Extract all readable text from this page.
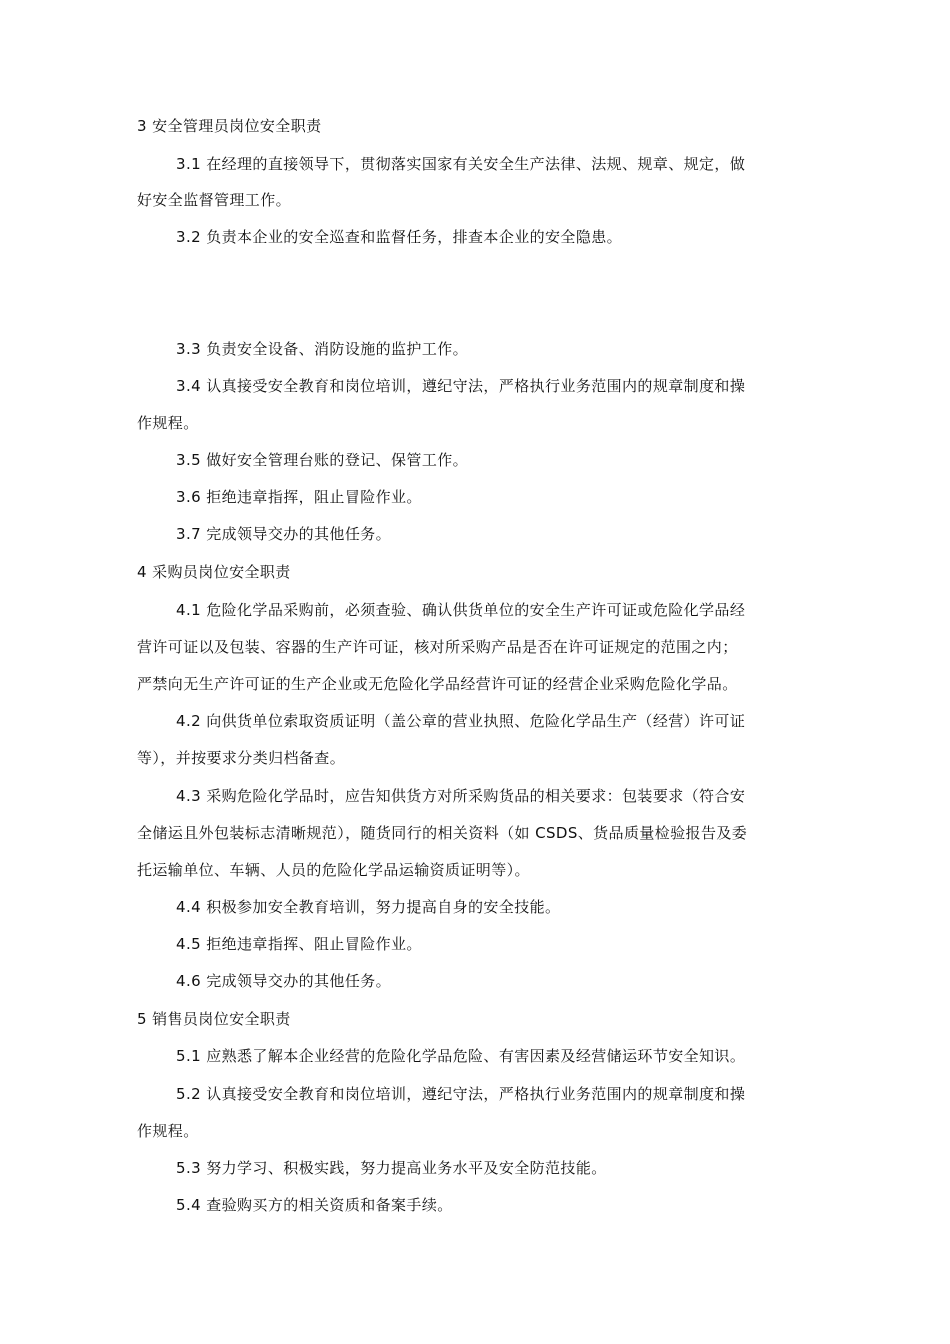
3 安全管理员岗位安全职责
3.1 在经理的直接领导下，贯彻落实国家有关安全生产法律、法规、规章、规定，做
好安全监督管理工作。
3.2 负责本企业的安全巡查和监督任务，排查本企业的安全隐患。
3.3 负责安全设备、消防设施的监护工作。
3.4 认真接受安全教育和岗位培训，遵纪守法，严格执行业务范围内的规章制度和操
作规程。
3.5 做好安全管理台账的登记、保管工作。
3.6 拒绝违章指挥，阻止冒险作业。
3.7 完成领导交办的其他任务。
4 采购员岗位安全职责
4.1 危险化学品采购前，必须查验、确认供货单位的安全生产许可证或危险化学品经
营许可证以及包装、容器的生产许可证，核对所采购产品是否在许可证规定的范围之内；
严禁向无生产许可证的生产企业或无危险化学品经营许可证的经营企业采购危险化学品。
4.2 向供货单位索取资质证明（盖公章的营业执照、危险化学品生产（经营）许可证
等），并按要求分类归档备查。
4.3 采购危险化学品时，应告知供货方对所采购货品的相关要求：包装要求（符合安
全储运且外包装标志清晰规范），随货同行的相关资料（如 CSDS、货品质量检验报告及委
托运输单位、车辆、人员的危险化学品运输资质证明等）。
4.4 积极参加安全教育培训，努力提高自身的安全技能。
4.5 拒绝违章指挥、阻止冒险作业。
4.6 完成领导交办的其他任务。
5 销售员岗位安全职责
5.1 应熟悉了解本企业经营的危险化学品危险、有害因素及经营储运环节安全知识。
5.2 认真接受安全教育和岗位培训，遵纪守法，严格执行业务范围内的规章制度和操
作规程。
5.3 努力学习、积极实践，努力提高业务水平及安全防范技能。
5.4 查验购买方的相关资质和备案手续。
